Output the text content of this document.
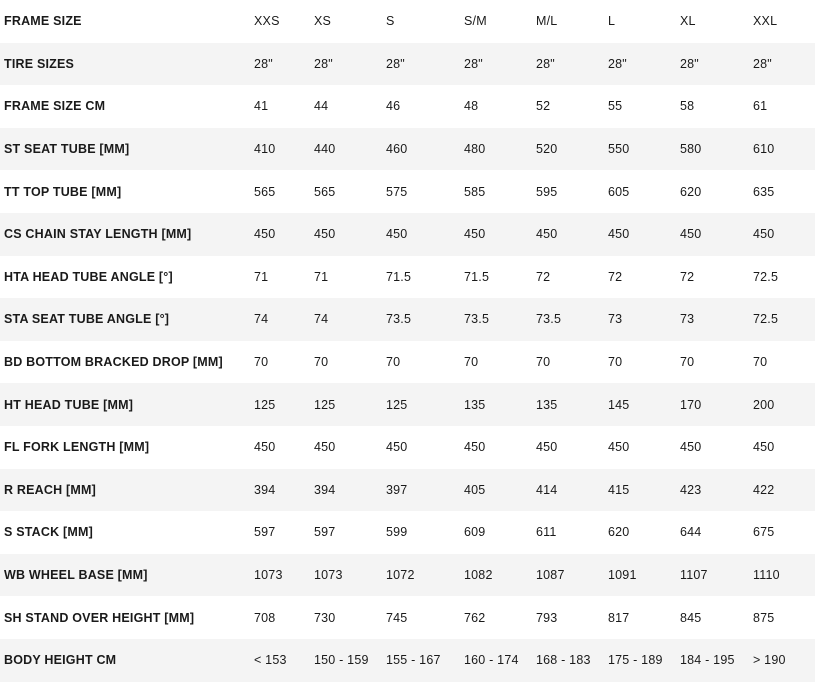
FRAME SIZE	XXS	XS	S	S/M	M/L	L	XL	XXL
TIRE SIZES	28"	28"	28"	28"	28"	28"	28"	28"
FRAME SIZE CM	41	44	46	48	52	55	58	61
ST SEAT TUBE [MM]	410	440	460	480	520	550	580	610
TT TOP TUBE [MM]	565	565	575	585	595	605	620	635
CS CHAIN STAY LENGTH [MM]	450	450	450	450	450	450	450	450
HTA HEAD TUBE ANGLE [°]	71	71	71.5	71.5	72	72	72	72.5
STA SEAT TUBE ANGLE [°]	74	74	73.5	73.5	73.5	73	73	72.5
BD BOTTOM BRACKED DROP [MM]	70	70	70	70	70	70	70	70
HT HEAD TUBE [MM]	125	125	125	135	135	145	170	200
FL FORK LENGTH [MM]	450	450	450	450	450	450	450	450
R REACH [MM]	394	394	397	405	414	415	423	422
S STACK [MM]	597	597	599	609	611	620	644	675
WB WHEEL BASE [MM]	1073	1073	1072	1082	1087	1091	1107	1110
SH STAND OVER HEIGHT [MM]	708	730	745	762	793	817	845	875
BODY HEIGHT CM	< 153	150 - 159	155 - 167	160 - 174	168 - 183	175 - 189	184 - 195	> 190
